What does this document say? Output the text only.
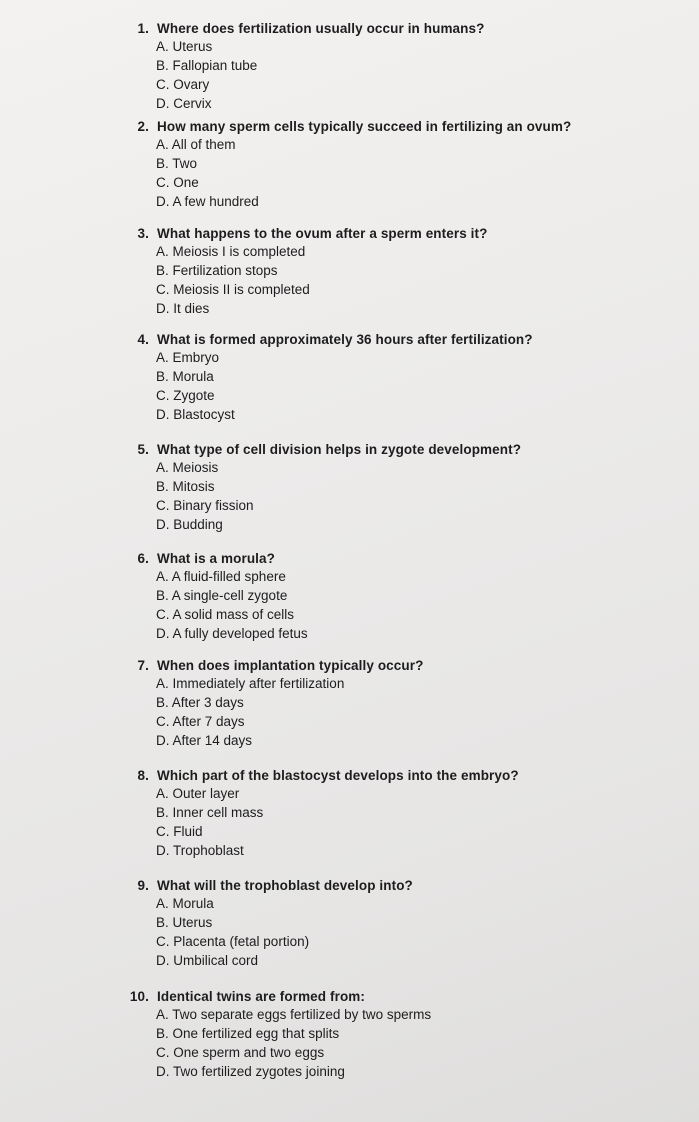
1. Where does fertilization usually occur in humans?
A. Uterus
B. Fallopian tube
C. Ovary
D. Cervix
2. How many sperm cells typically succeed in fertilizing an ovum?
A. All of them
B. Two
C. One
D. A few hundred
3. What happens to the ovum after a sperm enters it?
A. Meiosis I is completed
B. Fertilization stops
C. Meiosis II is completed
D. It dies
4. What is formed approximately 36 hours after fertilization?
A. Embryo
B. Morula
C. Zygote
D. Blastocyst
5. What type of cell division helps in zygote development?
A. Meiosis
B. Mitosis
C. Binary fission
D. Budding
6. What is a morula?
A. A fluid-filled sphere
B. A single-cell zygote
C. A solid mass of cells
D. A fully developed fetus
7. When does implantation typically occur?
A. Immediately after fertilization
B. After 3 days
C. After 7 days
D. After 14 days
8. Which part of the blastocyst develops into the embryo?
A. Outer layer
B. Inner cell mass
C. Fluid
D. Trophoblast
9. What will the trophoblast develop into?
A. Morula
B. Uterus
C. Placenta (fetal portion)
D. Umbilical cord
10. Identical twins are formed from:
A. Two separate eggs fertilized by two sperms
B. One fertilized egg that splits
C. One sperm and two eggs
D. Two fertilized zygotes joining
